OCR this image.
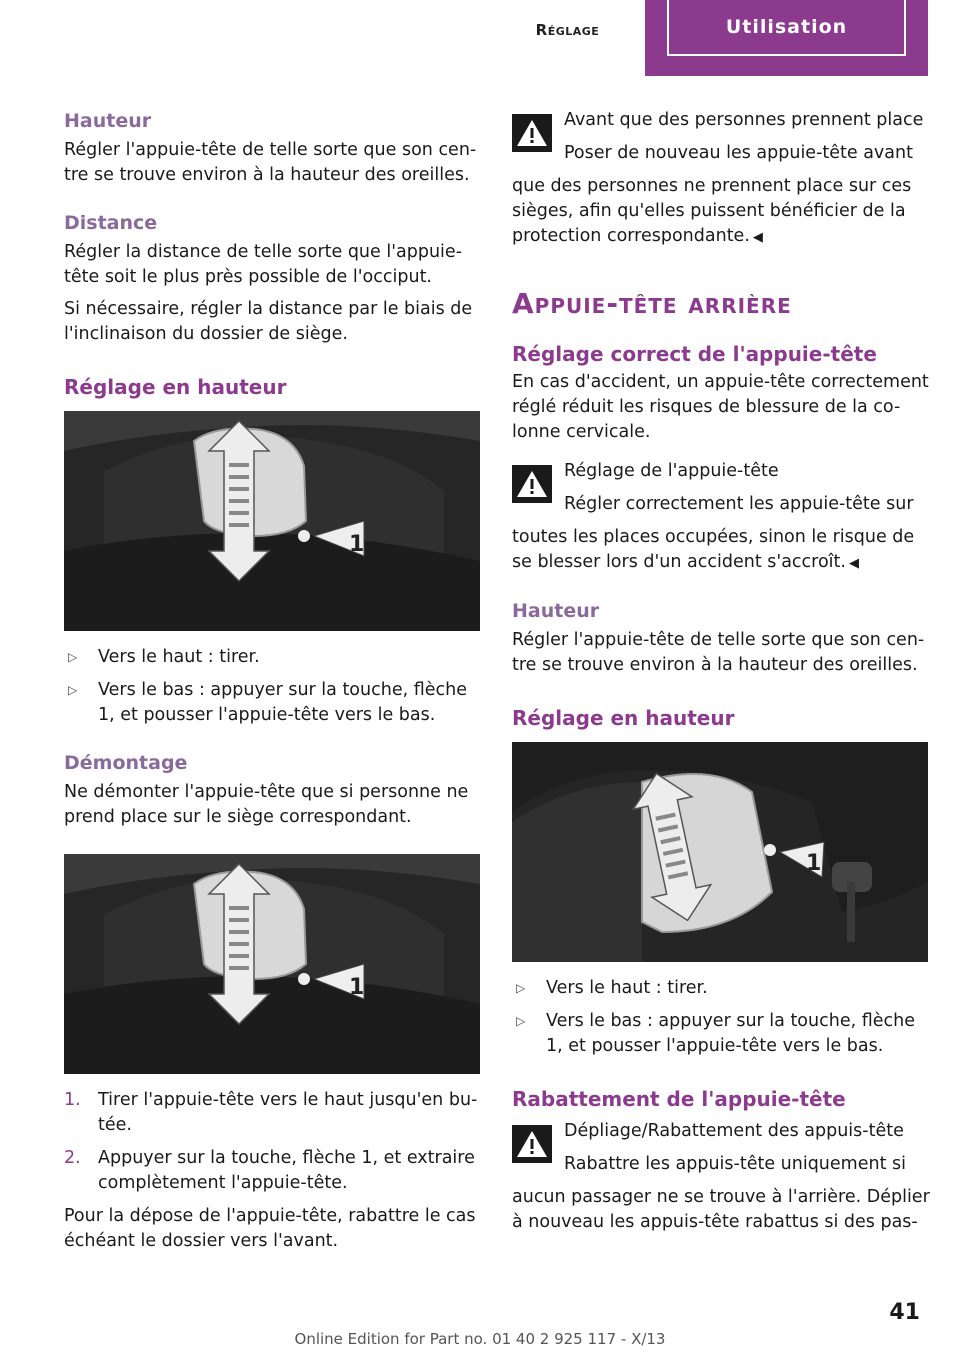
Réglage	Utilisation
Hauteur

Régler l'appuie-tête de telle sorte que son cen- tre se trouve environ à la hauteur des oreilles.

Distance

Régler la distance de telle sorte que l'appuie- tête soit le plus près possible de l'occiput.

Si nécessaire, régler la distance par le biais de l'inclinaison du dossier de siège.

Réglage en hauteur
1
▷ Vers le haut : tirer.
▷ Vers le bas : appuyer sur la touche, flèche 1, et pousser l'appuie-tête vers le bas.
Démontage

Ne démonter l'appuie-tête que si personne ne prend place sur le siège correspondant.

1
1. Tirer l'appuie-tête vers le haut jusqu'en bu- tée.
2. Appuyer sur la touche, flèche 1, et extraire complètement l'appuie-tête.

Pour la dépose de l'appuie-tête, rabattre le cas échéant le dossier vers l'avant.

Avant que des personnes prennent place
Poser de nouveau les appuie-tête avant

que des personnes ne prennent place sur ces sièges, afin qu'elles puissent bénéficier de la protection correspondante. ◀

Appuie-tête arrière
Réglage correct de l'appuie-tête

En cas d'accident, un appuie-tête correctement réglé réduit les risques de blessure de la co- lonne cervicale.

Réglage de l'appuie-tête
Régler correctement les appuie-tête sur

toutes les places occupées, sinon le risque de se blesser lors d'un accident s'accroît. ◀

Hauteur

Régler l'appuie-tête de telle sorte que son cen- tre se trouve environ à la hauteur des oreilles.

Réglage en hauteur
1
▷ Vers le haut : tirer.
▷ Vers le bas : appuyer sur la touche, flèche 1, et pousser l'appuie-tête vers le bas.
Rabattement de l'appuie-tête
Dépliage/Rabattement des appuis-tête
Rabattre les appuis-tête uniquement si

aucun passager ne se trouve à l'arrière. Déplier à nouveau les appuis-tête rabattus si des pas-

41
Online Edition for Part no. 01 40 2 925 117 - X/13
